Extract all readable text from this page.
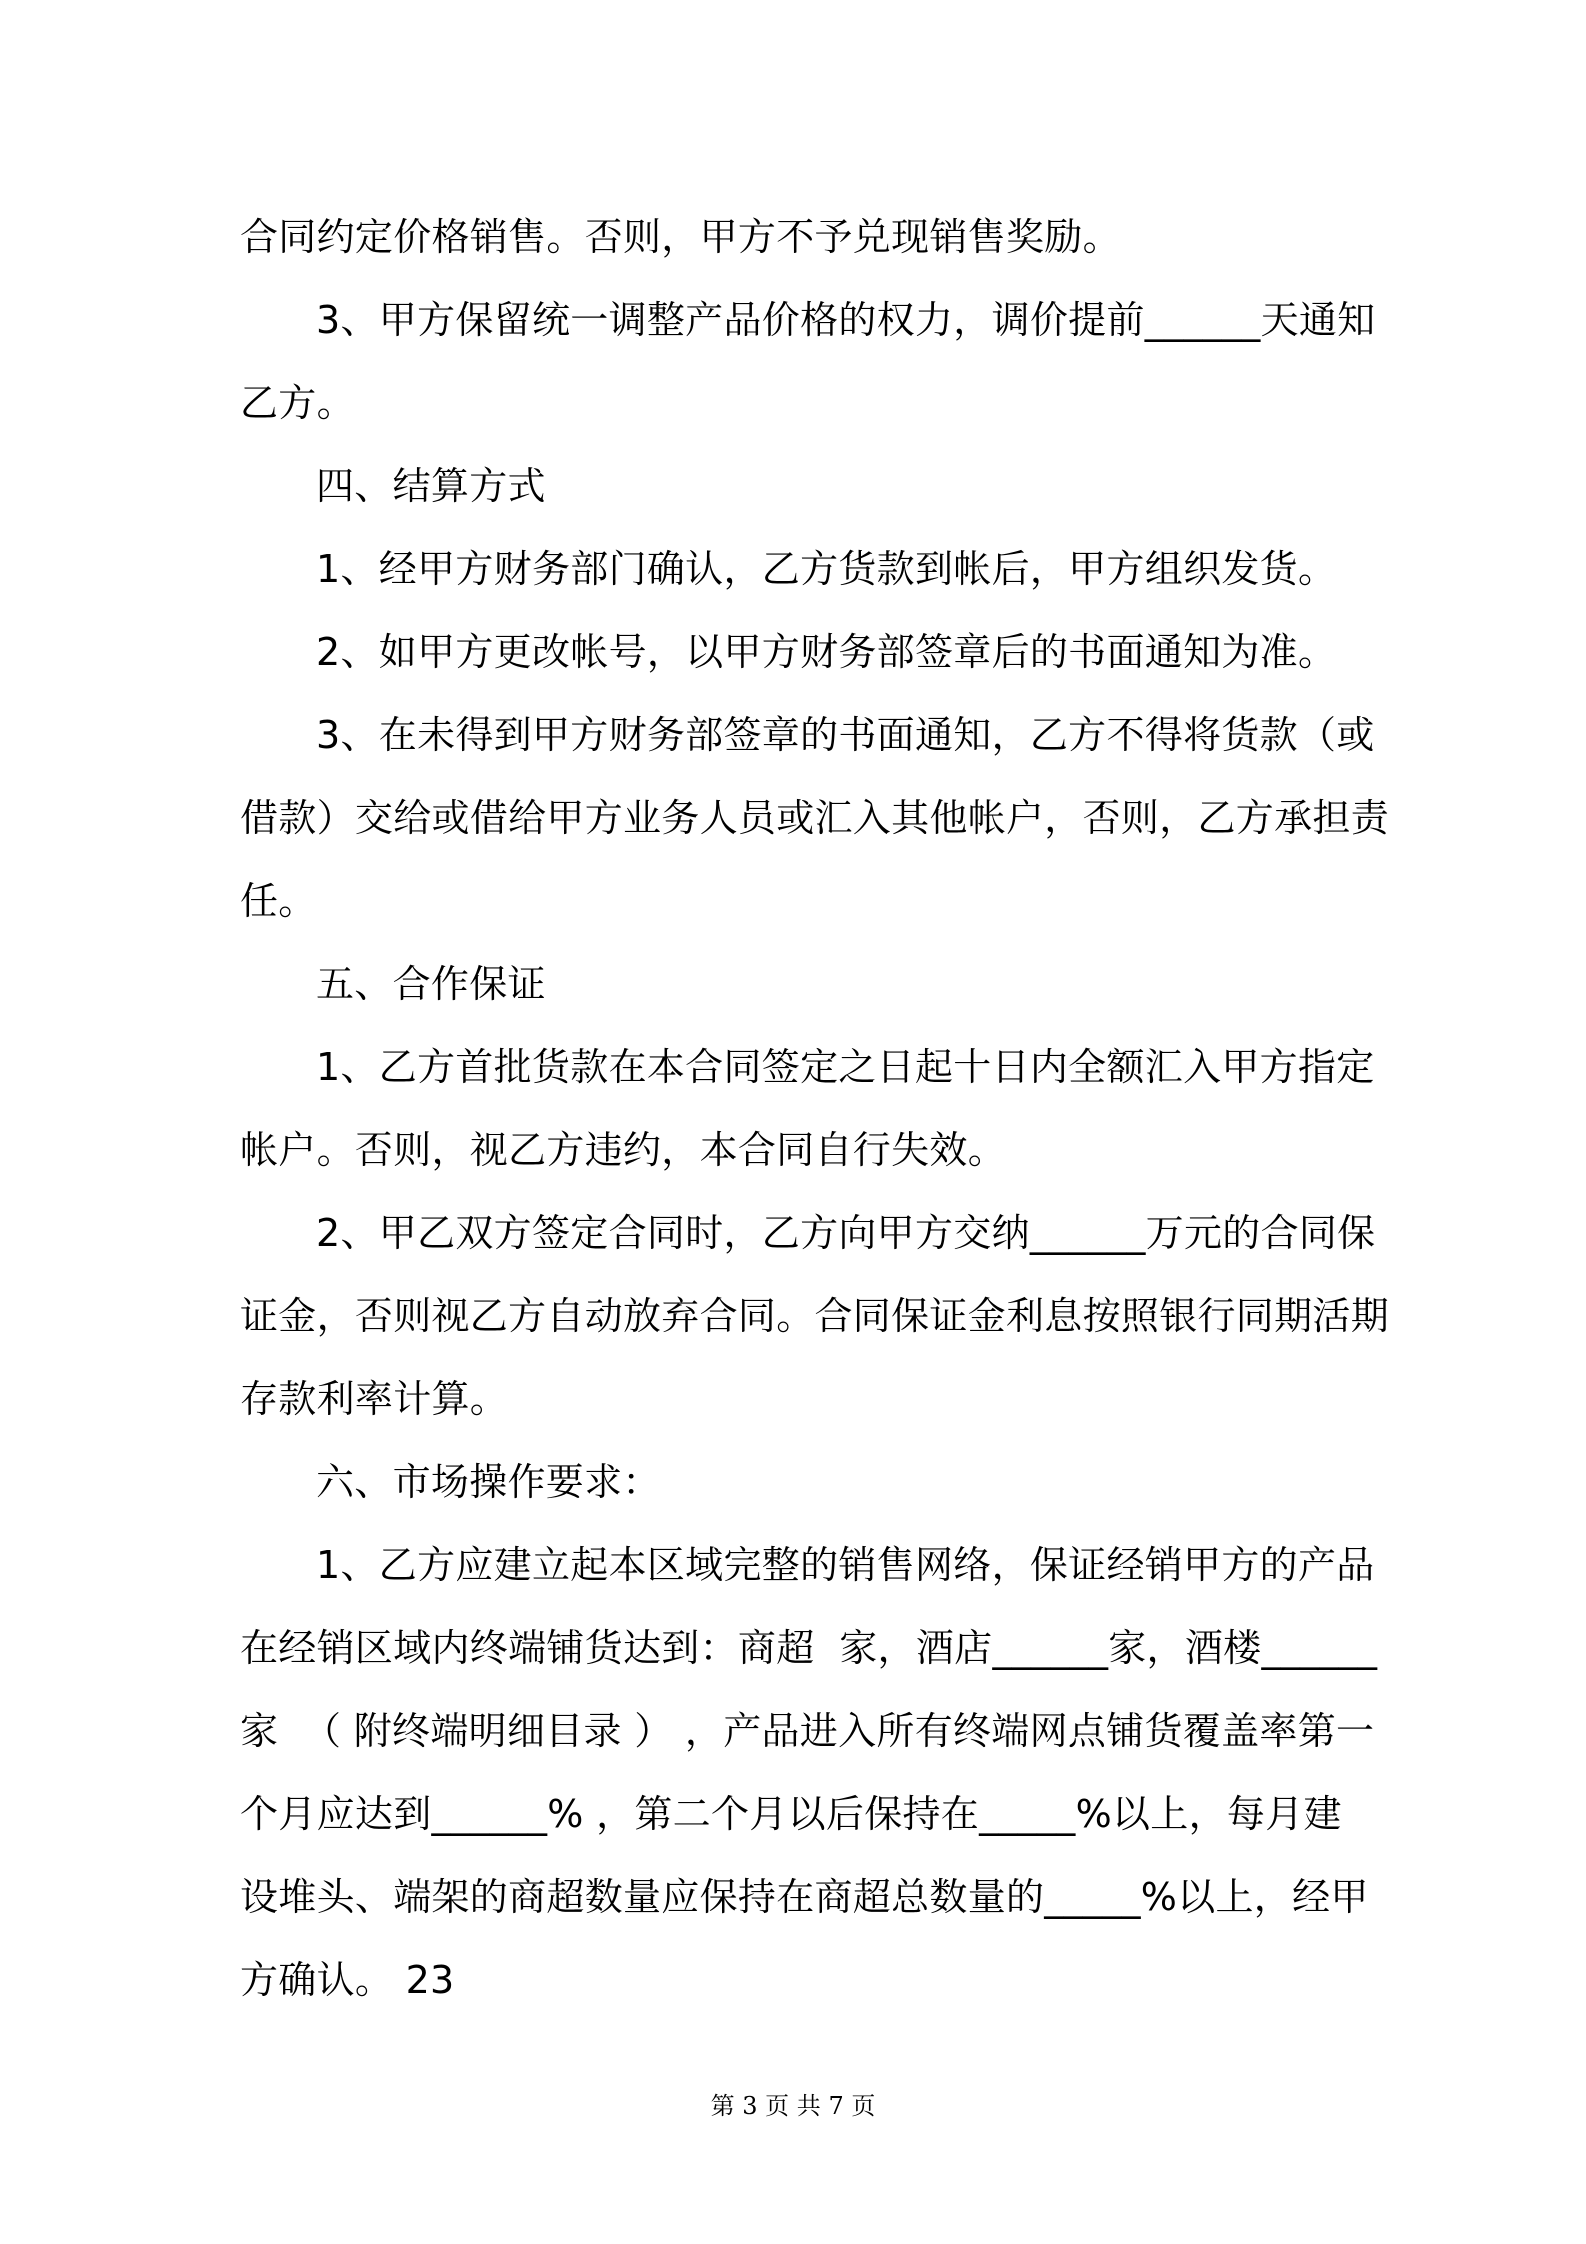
合同约定价格销售。否则，甲方不予兑现销售奖励。
3、甲方保留统一调整产品价格的权力，调价提前______天通知
乙方。
四、结算方式
1、经甲方财务部门确认，乙方货款到帐后，甲方组织发货。
2、如甲方更改帐号，以甲方财务部签章后的书面通知为准。
3、在未得到甲方财务部签章的书面通知，乙方不得将货款（或
借款）交给或借给甲方业务人员或汇入其他帐户，否则，乙方承担责
任。
五、合作保证
1、乙方首批货款在本合同签定之日起十日内全额汇入甲方指定
帐户。否则，视乙方违约，本合同自行失效。
2、甲乙双方签定合同时，乙方向甲方交纳______万元的合同保
证金，否则视乙方自动放弃合同。合同保证金利息按照银行同期活期
存款利率计算。
六、市场操作要求：
1、乙方应建立起本区域完整的销售网络，保证经销甲方的产品
在经销区域内终端铺货达到：商超  家，酒店______家，酒楼______
家  （ 附终端明细目录 ） ，产品进入所有终端网点铺货覆盖率第一
个月应达到______% ，第二个月以后保持在_____%以上，每月建
设堆头、端架的商超数量应保持在商超总数量的_____%以上，经甲
方确认。 23
第 3 页 共 7 页
